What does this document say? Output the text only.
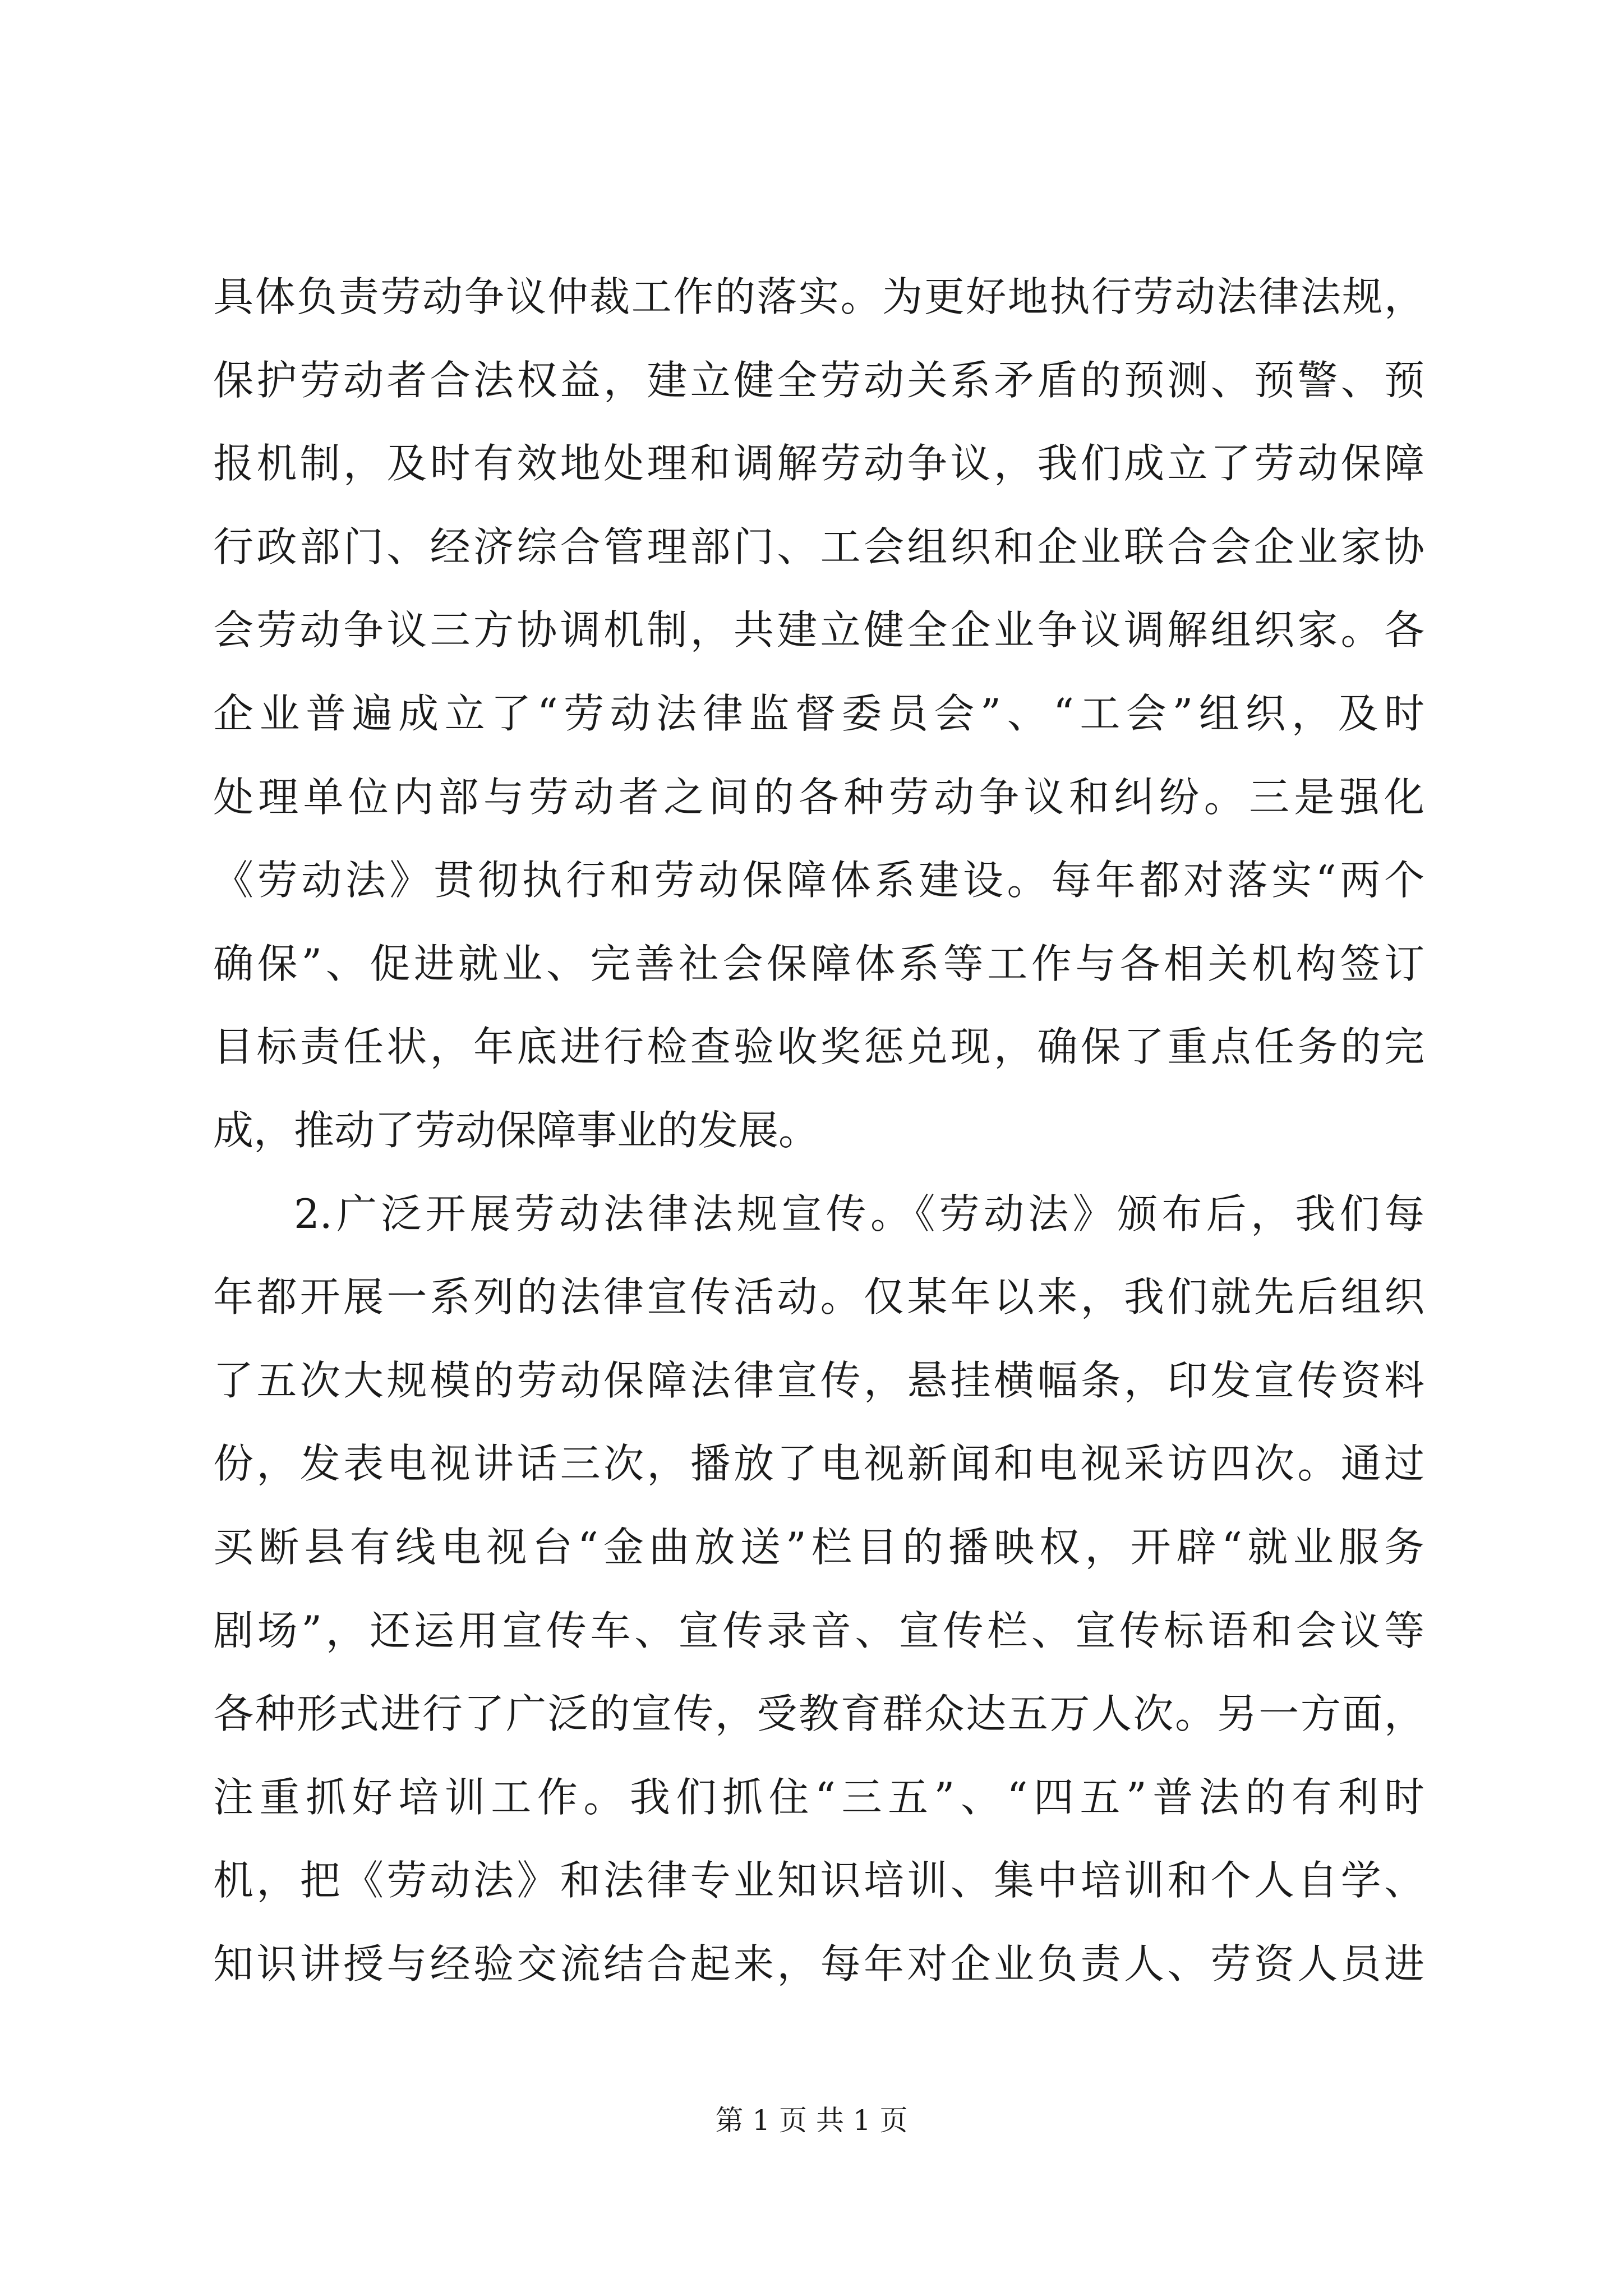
具体负责劳动争议仲裁工作的落实。为更好地执行劳动法律法规，
保护劳动者合法权益，建立健全劳动关系矛盾的预测、预警、预
报机制，及时有效地处理和调解劳动争议，我们成立了劳动保障
行政部门、经济综合管理部门、工会组织和企业联合会企业家协
会劳动争议三方协调机制，共建立健全企业争议调解组织家。各
企业普遍成立了“劳动法律监督委员会”、“工会”组织，及时
处理单位内部与劳动者之间的各种劳动争议和纠纷。三是强化
《劳动法》贯彻执行和劳动保障体系建设。每年都对落实“两个
确保”、促进就业、完善社会保障体系等工作与各相关机构签订
目标责任状，年底进行检查验收奖惩兑现，确保了重点任务的完
成，推动了劳动保障事业的发展。
2.广泛开展劳动法律法规宣传。《劳动法》颁布后，我们每
年都开展一系列的法律宣传活动。仅某年以来，我们就先后组织
了五次大规模的劳动保障法律宣传，悬挂横幅条，印发宣传资料
份，发表电视讲话三次，播放了电视新闻和电视采访四次。通过
买断县有线电视台“金曲放送”栏目的播映权，开辟“就业服务
剧场”，还运用宣传车、宣传录音、宣传栏、宣传标语和会议等
各种形式进行了广泛的宣传，受教育群众达五万人次。另一方面，
注重抓好培训工作。我们抓住“三五”、“四五”普法的有利时
机，把《劳动法》和法律专业知识培训、集中培训和个人自学、
知识讲授与经验交流结合起来，每年对企业负责人、劳资人员进
第 1 页 共 1 页
